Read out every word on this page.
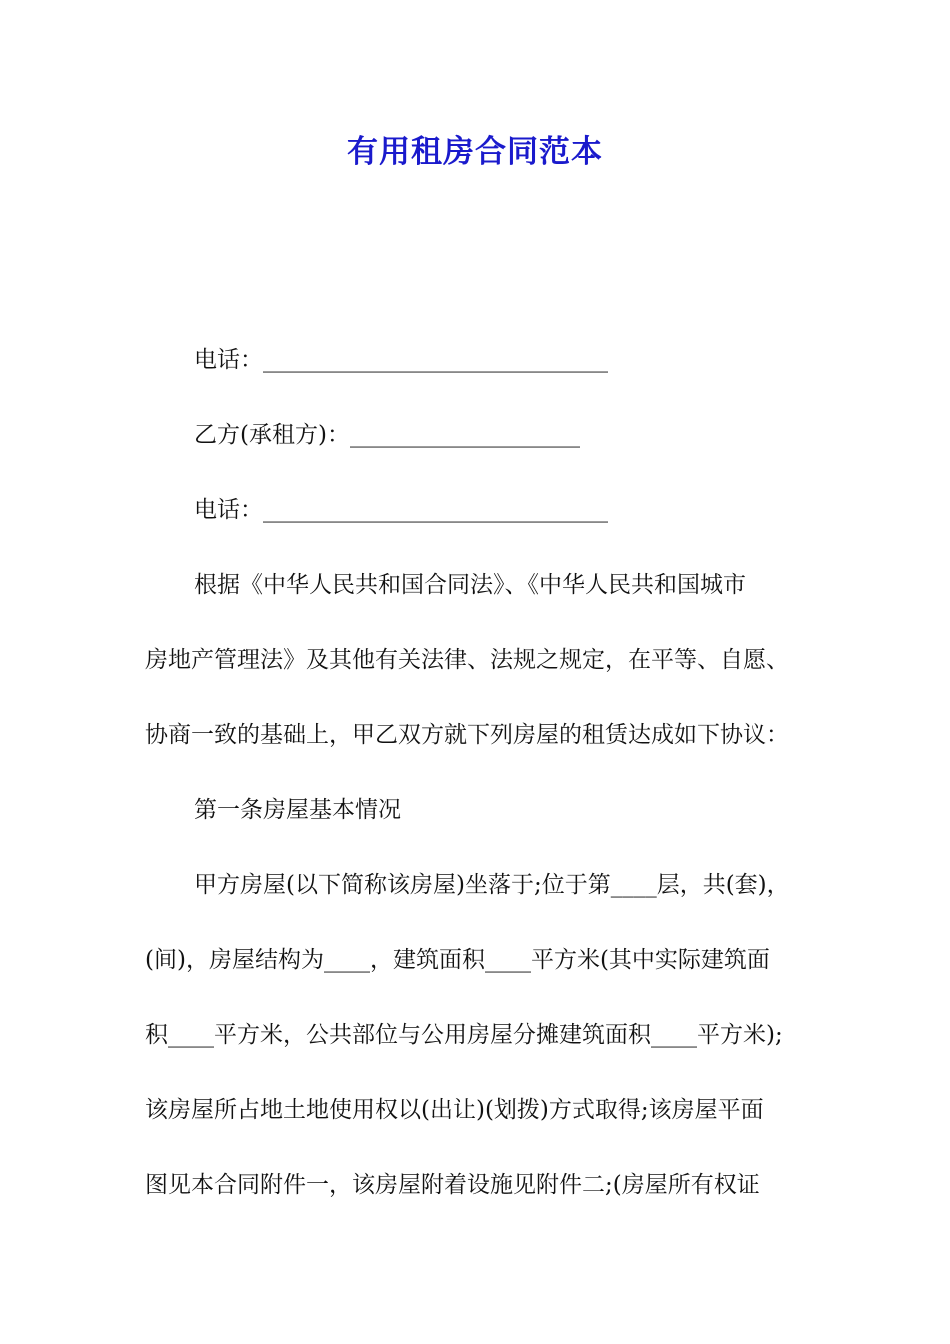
有用租房合同范本
电话：______________________________
乙方(承租方)：____________________
电话：______________________________
根据《中华人民共和国合同法》、《中华人民共和国城市
房地产管理法》及其他有关法律、法规之规定，在平等、自愿、
协商一致的基础上，甲乙双方就下列房屋的租赁达成如下协议：
第一条房屋基本情况
甲方房屋(以下简称该房屋)坐落于;位于第____层，共(套)，
(间)，房屋结构为____，建筑面积____平方米(其中实际建筑面
积____平方米，公共部位与公用房屋分摊建筑面积____平方米);
该房屋所占地土地使用权以(出让)(划拨)方式取得;该房屋平面
图见本合同附件一，该房屋附着设施见附件二;(房屋所有权证
